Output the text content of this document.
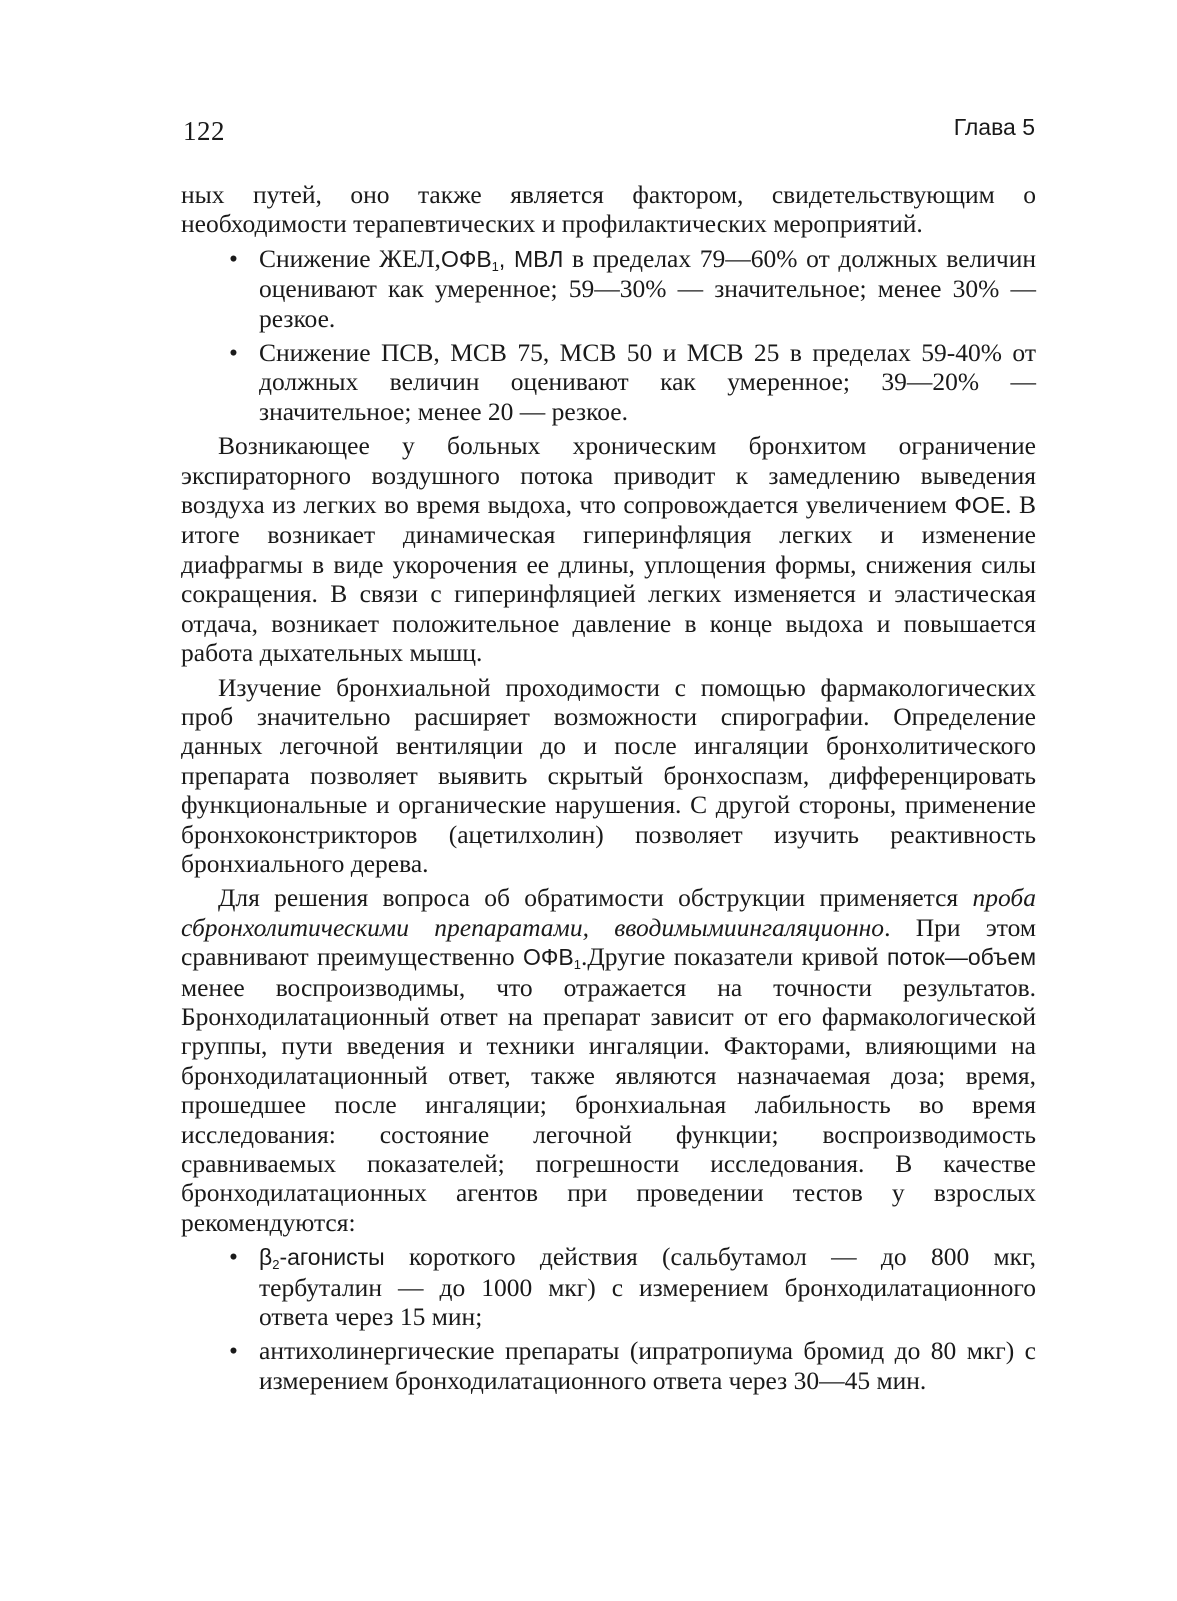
122	Глава 5

ных путей, оно также является фактором, свидетельствующим о необходимости терапевтических и профилактических мероприятий.

• Снижение $ЖЕЛ,ОФВ_1$, МВЛ в пределах 79—60% от должных величин оценивают как умеренное; 59—30% — значительное; менее 30% — резкое.
• Снижение ПСВ, МСВ 75, МСВ 50 и МСВ 25 в пределах 59-40% от должных величин оценивают как умеренное; 39—20% — значительное; менее 20 — резкое.

Возникающее у больных хроническим бронхитом ограничение экспираторного воздушного потока приводит к замедлению выведения воздуха из легких во время выдоха, что сопровождается увеличением ФОЕ. В итоге возникает динамическая гиперинфляция легких и изменение диафрагмы в виде укорочения ее длины, уплощения формы, снижения силы сокращения. В связи с гиперинфляцией легких изменяется и эластическая отдача, возникает положительное давление в конце выдоха и повышается работа дыхательных мышц.

Изучение бронхиальной проходимости с помощью фармакологических проб значительно расширяет возможности спирографии. Определение данных легочной вентиляции до и после ингаляции бронхолитического препарата позволяет выявить скрытый бронхоспазм, дифференцировать функциональные и органические нарушения. С другой стороны, применение бронхоконстрикторов (ацетилхолин) позволяет изучить реактивность бронхиального дерева.

Для решения вопроса об обратимости обструкции применяется проба сбронхолитическими препаратами, вводимымиингаляционно. При этом сравнивают преимущественно $ОФВ_1.Другие$ показатели кривой поток—объем менее воспроизводимы, что отражается на точности результатов. Бронходилатационный ответ на препарат зависит от его фармакологической группы, пути введения и техники ингаляции. Факторами, влияющими на бронходилатационный ответ, также являются назначаемая доза; время, прошедшее после ингаляции; бронхиальная лабильность во время исследования: состояние легочной функции; воспроизводимость сравниваемых показателей; погрешности исследования. В качестве бронходилатационных агентов при проведении тестов у взрослых рекомендуются:

• $\beta_2$-агонисты короткого действия (сальбутамол — до 800 мкг, тербуталин — до 1000 мкг) с измерением бронходилатационного ответа через 15 мин;
• антихолинергические препараты (ипратропиума бромид до 80 мкг) с измерением бронходилатационного ответа через 30—45 мин.
